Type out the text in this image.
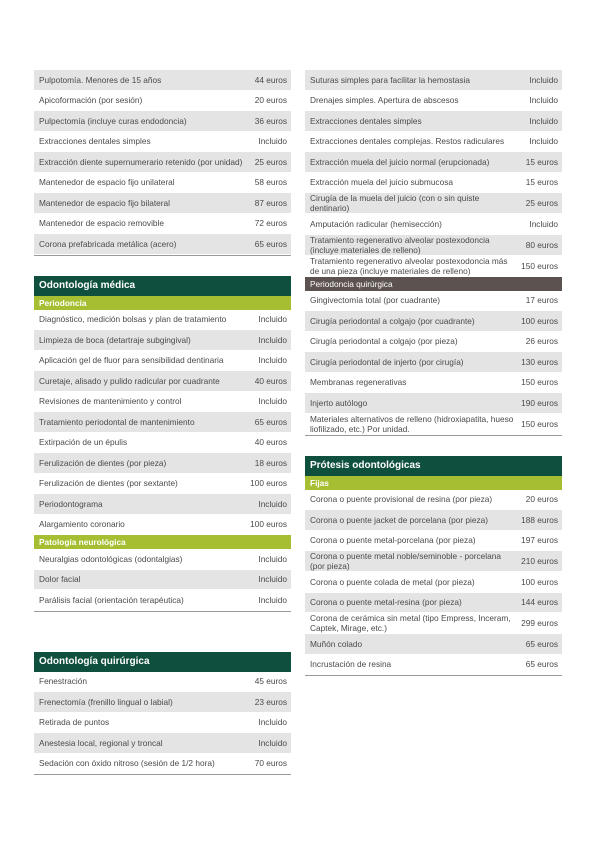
Pulpotomía. Menores de 15 años	44 euros
Apicoformación (por sesión)	20 euros
Pulpectomía (incluye curas endodoncia)	36 euros
Extracciones dentales simples	Incluido
Extracción diente supernumerario retenido (por unidad)	25 euros
Mantenedor de espacio fijo unilateral	58 euros
Mantenedor de espacio fijo bilateral	87 euros
Mantenedor de espacio removible	72 euros
Corona prefabricada metálica (acero)	65 euros
Odontología médica
Periodoncia
Diagnóstico, medición bolsas y plan de tratamiento	Incluido
Limpieza de boca (detartraje subgingival)	Incluido
Aplicación gel de fluor para sensibilidad dentinaria	Incluido
Curetaje, alisado y pulido radicular por cuadrante	40 euros
Revisiones de mantenimiento y control	Incluido
Tratamiento periodontal de mantenimiento	65 euros
Extirpación de un épulis	40 euros
Ferulización de dientes (por pieza)	18 euros
Ferulización de dientes (por sextante)	100 euros
Periodontograma	Incluido
Alargamiento coronario	100 euros
Patología neurológica
Neuralgias odontológicas (odontalgias)	Incluido
Dolor facial	Incluido
Parálisis facial (orientación terapéutica)	Incluido
Odontología quirúrgica
Fenestración	45 euros
Frenectomía (frenillo lingual o labial)	23 euros
Retirada de puntos	Incluido
Anestesia local, regional y troncal	Incluido
Sedación con óxido nitroso (sesión de 1/2 hora)	70 euros
Suturas simples para facilitar la hemostasia	Incluido
Drenajes simples. Apertura de abscesos	Incluido
Extracciones dentales simples	Incluido
Extracciones dentales complejas. Restos radiculares	Incluido
Extracción muela del juicio normal (erupcionada)	15 euros
Extracción muela del juicio submucosa	15 euros
Cirugía de la muela del juicio (con o sin quiste dentinario)	25 euros
Amputación radicular (hemisección)	Incluido
Tratamiento regenerativo alveolar postexodoncia (incluye materiales de relleno)	80 euros
Tratamiento regenerativo alveolar postexodoncia más de una pieza (incluye materiales de relleno)	150 euros
Periodoncia quirúrgica
Gingivectomía total (por cuadrante)	17 euros
Cirugía periodontal a colgajo (por cuadrante)	100 euros
Cirugía periodontal a colgajo (por pieza)	26 euros
Cirugía periodontal de injerto (por cirugía)	130 euros
Membranas regenerativas	150 euros
Injerto autólogo	190 euros
Materiales alternativos de relleno (hidroxiapatita, hueso liofilizado, etc.) Por unidad.	150 euros
Prótesis odontológicas
Fijas
Corona o puente provisional de resina (por pieza)	20 euros
Corona o puente jacket de porcelana (por pieza)	188 euros
Corona o puente metal-porcelana (por pieza)	197 euros
Corona o puente metal noble/seminoble - porcelana (por pieza)	210 euros
Corona o puente colada de metal (por pieza)	100 euros
Corona o puente metal-resina (por pieza)	144 euros
Corona de cerámica sin metal (tipo Empress, Inceram, Captek, Mirage, etc.)	299 euros
Muñón colado	65 euros
Incrustación de resina	65 euros
